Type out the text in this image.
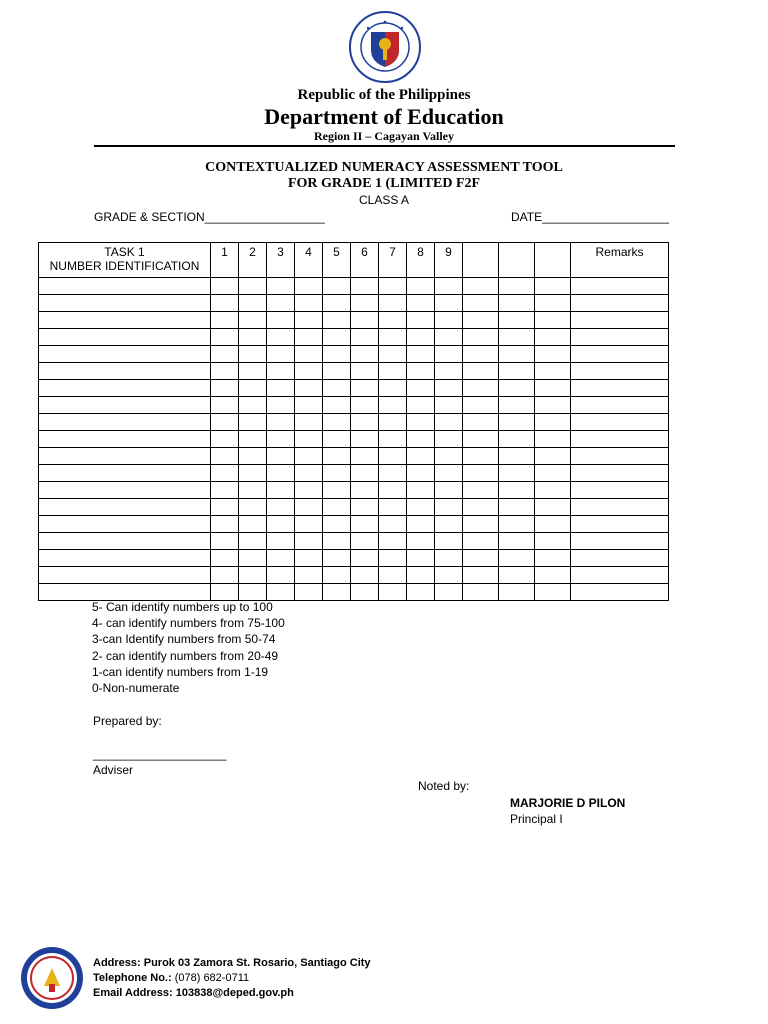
Republic of the Philippines
Department of Education
Region II – Cagayan Valley
CONTEXTUALIZED NUMERACY ASSESSMENT TOOL
FOR GRADE 1 (LIMITED F2F
CLASS A
GRADE & SECTION__________________	DATE___________________
TASK 1
NUMBER IDENTIFICATION	1	2	3	4	5	6	7	8	9				Remarks

5- Can identify numbers up to 100
4- can identify numbers from 75-100
3-can Identify numbers from 50-74
2- can identify numbers from 20-49
1-can identify numbers from 1-19
0-Non-numerate
Prepared by:
____________________
Adviser
Noted by:
MARJORIE D PILON
Principal I
Address: Purok 03 Zamora St. Rosario, Santiago City
Telephone No.: (078) 682-0711
Email Address: 103838@deped.gov.ph
